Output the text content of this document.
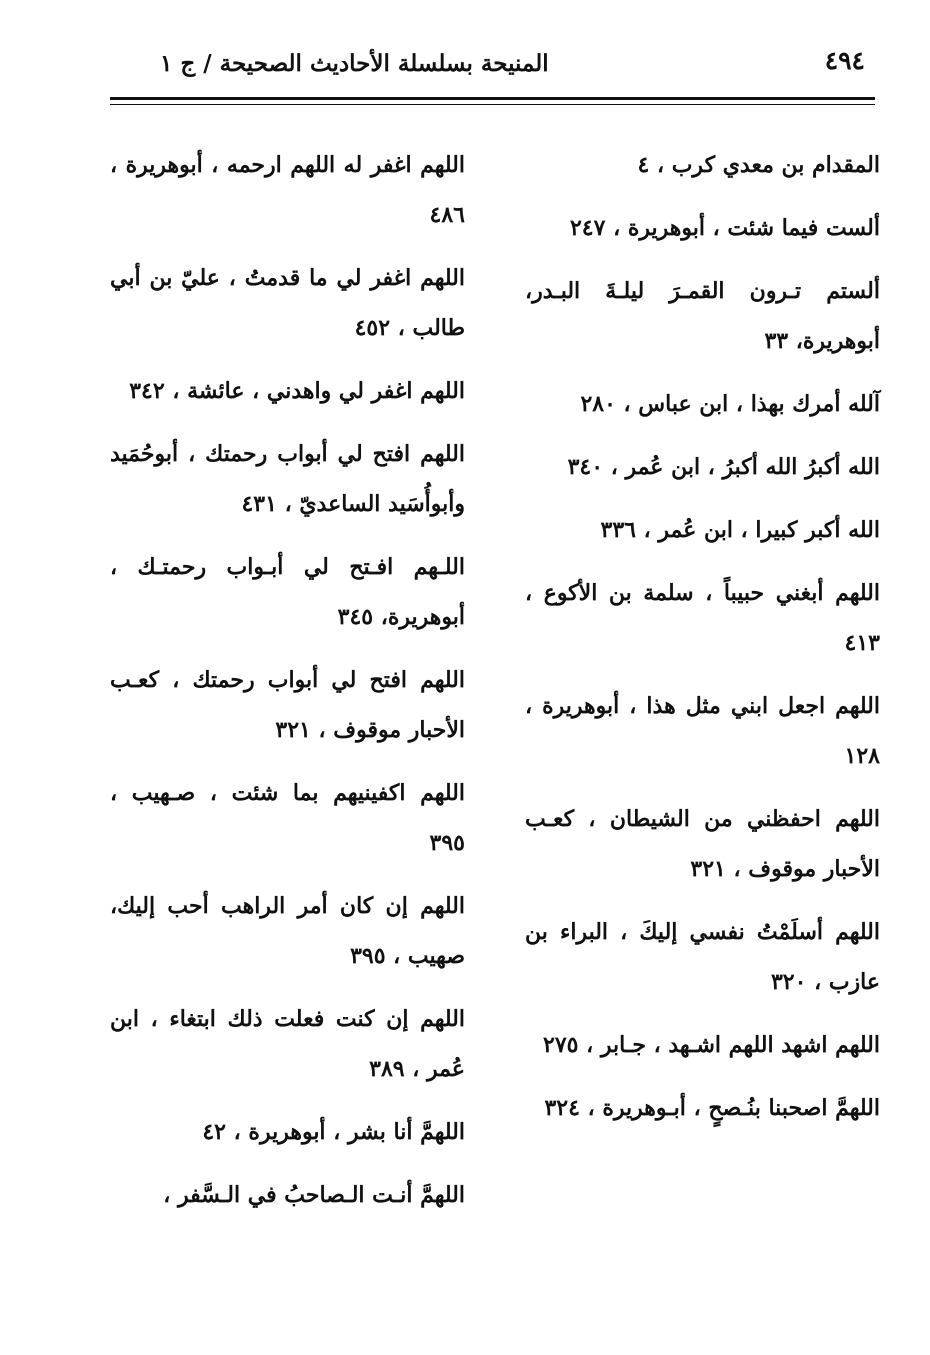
٤٩٤
المنيحة بسلسلة الأحاديث الصحيحة / ج ١
المقدام بن معدي كرب ، ٤
ألست فيما شئت ، أبوهريرة ، ٢٤٧
ألستم تـرون القمـرَ ليلـةَ البـدر، أبوهريرة، ٣٣
آلله أمرك بهذا ، ابن عباس ، ٢٨٠
الله أكبرُ الله أكبرُ ، ابن عُمر ، ٣٤٠
الله أكبر كبيرا ، ابن عُمر ، ٣٣٦
اللهم أبغني حبيباً ، سلمة بن الأكوع ، ٤١٣
اللهم اجعل ابني مثل هذا ، أبوهريرة ، ١٢٨
اللهم احفظني من الشيطان ، كعـب الأحبار موقوف ، ٣٢١
اللهم أسلَمْتُ نفسي إليكَ ، البراء بن عازب ، ٣٢٠
اللهم اشهد اللهم اشـهد ، جـابر ، ٢٧٥
اللهمَّ اصحبنا بنُـصحٍ ، أبـوهريرة ، ٣٢٤
اللهم اغفر له اللهم ارحمه ، أبوهريرة ، ٤٨٦
اللهم اغفر لي ما قدمتُ ، عليّ بن أبي طالب ، ٤٥٢
اللهم اغفر لي واهدني ، عائشة ، ٣٤٢
اللهم افتح لي أبواب رحمتك ، أبوحُمَيد وأبوأُسَيد الساعديّ ، ٤٣١
اللـهم افـتح لي أبـواب رحمتـك ، أبوهريرة، ٣٤٥
اللهم افتح لي أبواب رحمتك ، كعـب الأحبار موقوف ، ٣٢١
اللهم اكفينيهم بما شئت ، صـهيب ، ٣٩٥
اللهم إن كان أمر الراهب أحب إليك، صهيب ، ٣٩٥
اللهم إن كنت فعلت ذلك ابتغاء ، ابن عُمر ، ٣٨٩
اللهمَّ أنا بشر ، أبوهريرة ، ٤٢
اللهمَّ أنـت الـصاحبُ في الـسَّفر ،
